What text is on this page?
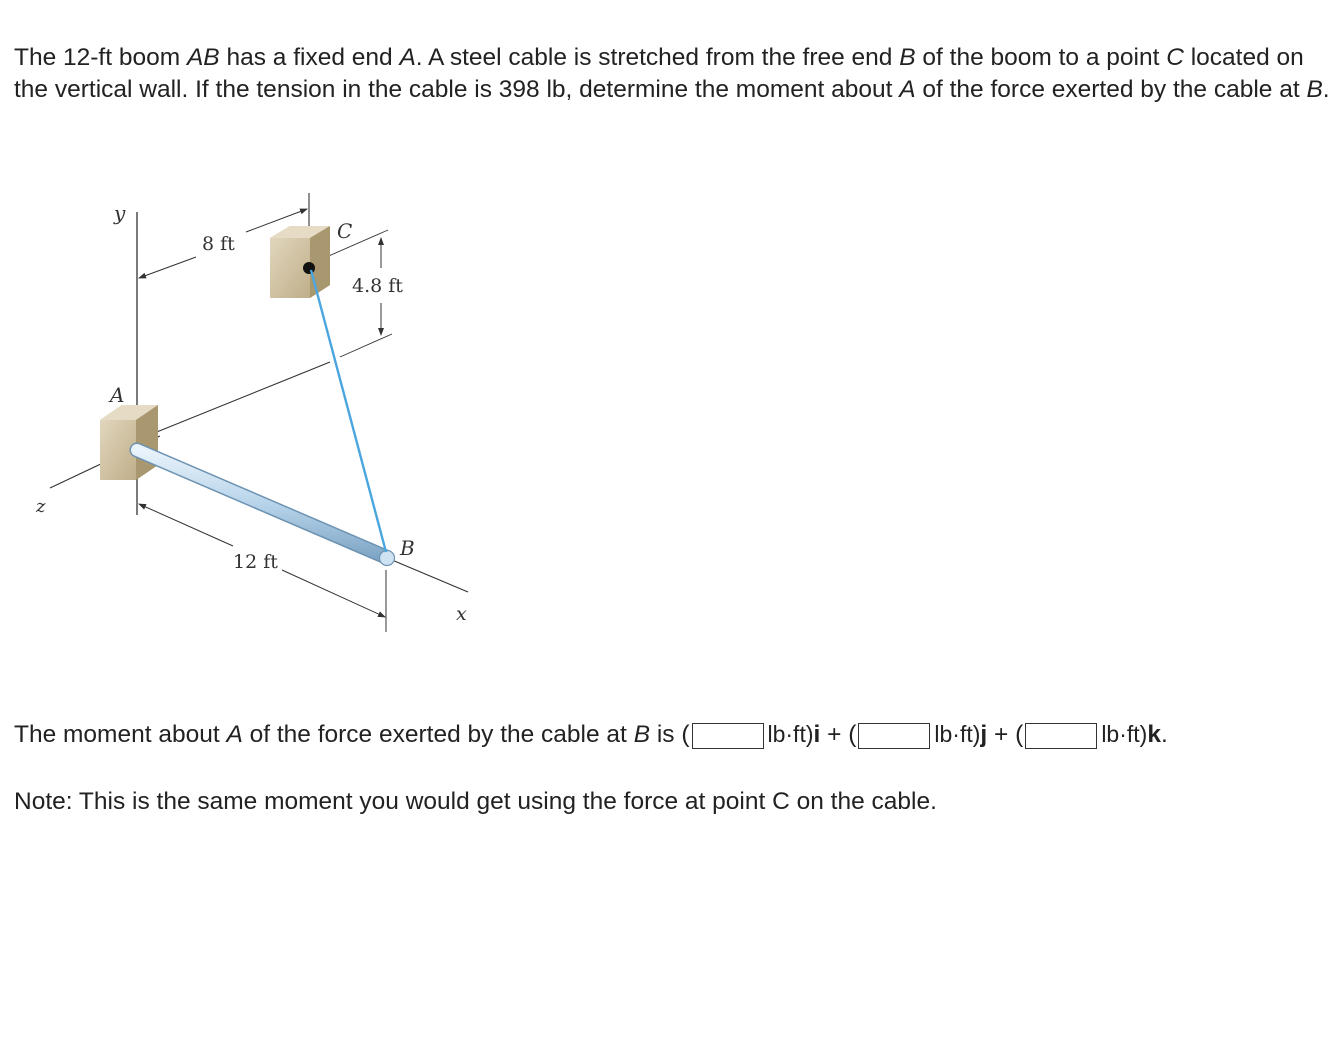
The 12-ft boom AB has a fixed end A. A steel cable is stretched from the free end B of the boom to a point C located on the vertical wall. If the tension in the cable is 398 lb, determine the moment about A of the force exerted by the cable at B.

y
z
x
A
B
C
8 ft
4.8 ft
12 ft
The moment about A of the force exerted by the cable at B is (	lb·ft)i + (	lb·ft)j + (	lb·ft)k.
Note: This is the same moment you would get using the force at point C on the cable.
